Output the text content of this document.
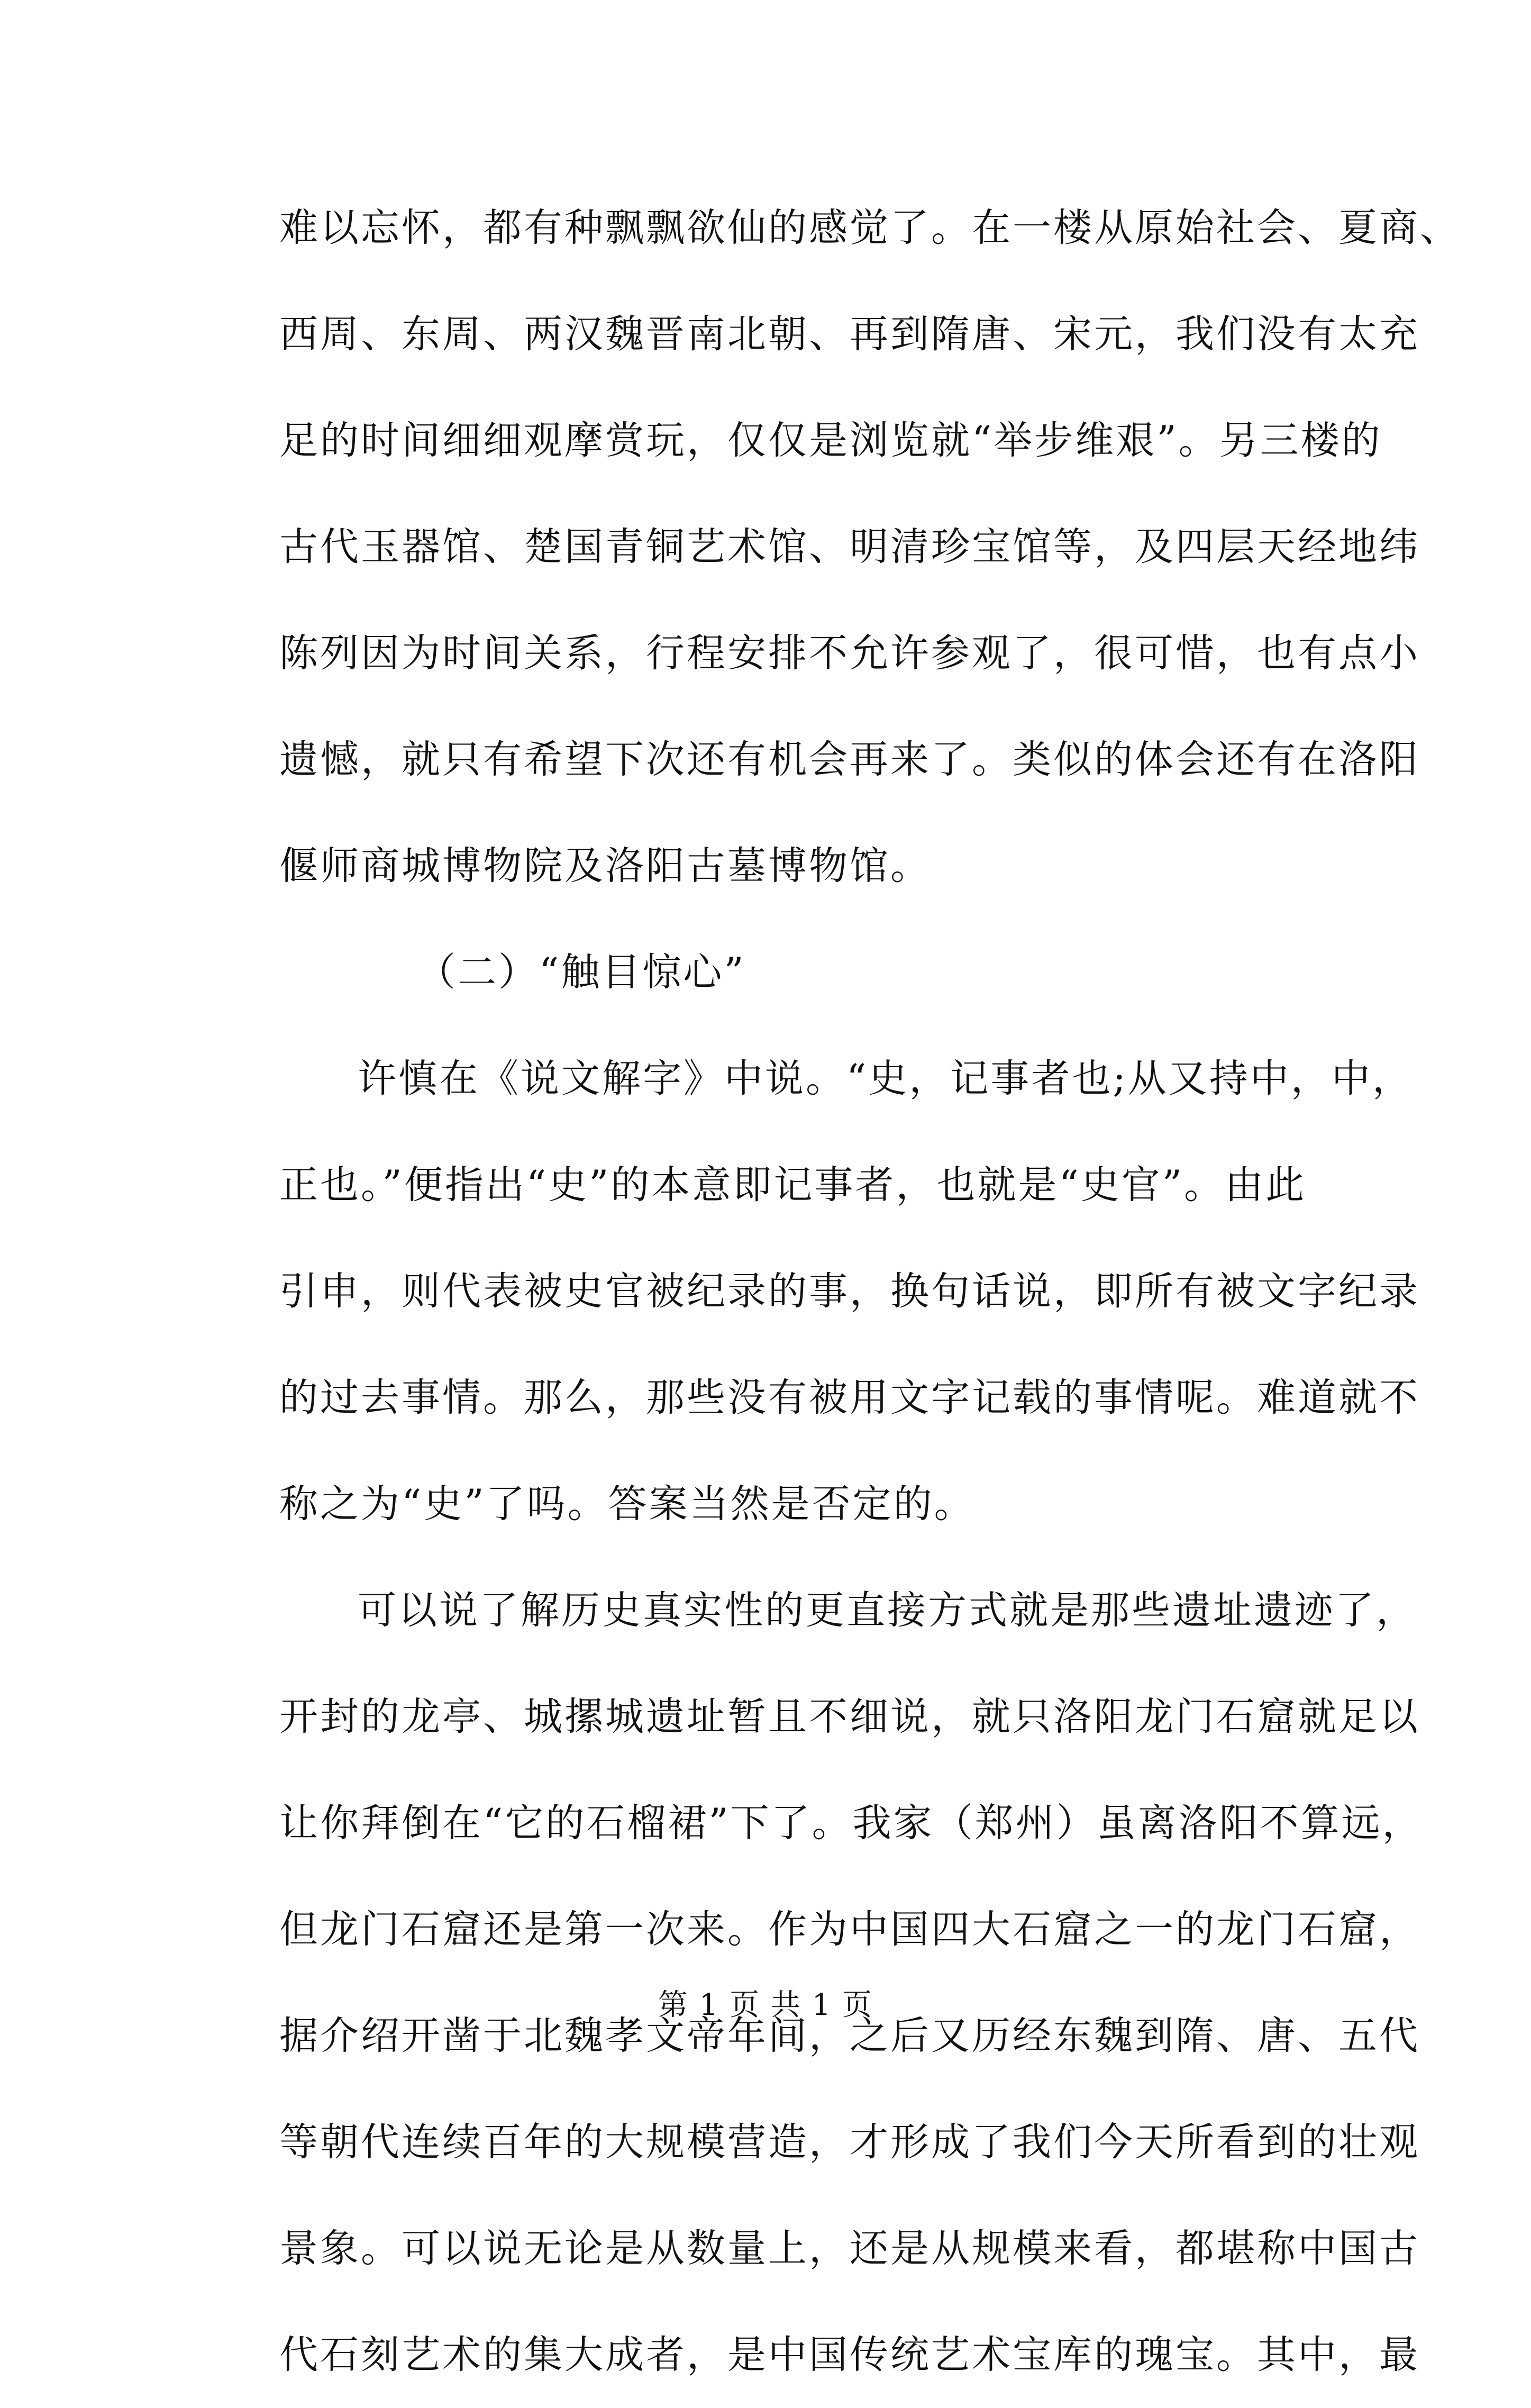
难以忘怀，都有种飘飘欲仙的感觉了。在一楼从原始社会、夏商、
西周、东周、两汉魏晋南北朝、再到隋唐、宋元，我们没有太充
足的时间细细观摩赏玩，仅仅是浏览就“举步维艰”。另三楼的
古代玉器馆、楚国青铜艺术馆、明清珍宝馆等，及四层天经地纬
陈列因为时间关系，行程安排不允许参观了，很可惜，也有点小
遗憾，就只有希望下次还有机会再来了。类似的体会还有在洛阳
偃师商城博物院及洛阳古墓博物馆。
（二）“触目惊心”
许慎在《说文解字》中说。“史，记事者也;从又持中，中，
正也。”便指出“史”的本意即记事者，也就是“史官”。由此
引申，则代表被史官被纪录的事，换句话说，即所有被文字纪录
的过去事情。那么，那些没有被用文字记载的事情呢。难道就不
称之为“史”了吗。答案当然是否定的。
可以说了解历史真实性的更直接方式就是那些遗址遗迹了，
开封的龙亭、城摞城遗址暂且不细说，就只洛阳龙门石窟就足以
让你拜倒在“它的石榴裙”下了。我家（郑州）虽离洛阳不算远，
但龙门石窟还是第一次来。作为中国四大石窟之一的龙门石窟，
据介绍开凿于北魏孝文帝年间，之后又历经东魏到隋、唐、五代
等朝代连续百年的大规模营造，才形成了我们今天所看到的壮观
景象。可以说无论是从数量上，还是从规模来看，都堪称中国古
代石刻艺术的集大成者，是中国传统艺术宝库的瑰宝。其中，最
第 1 页 共 1 页
